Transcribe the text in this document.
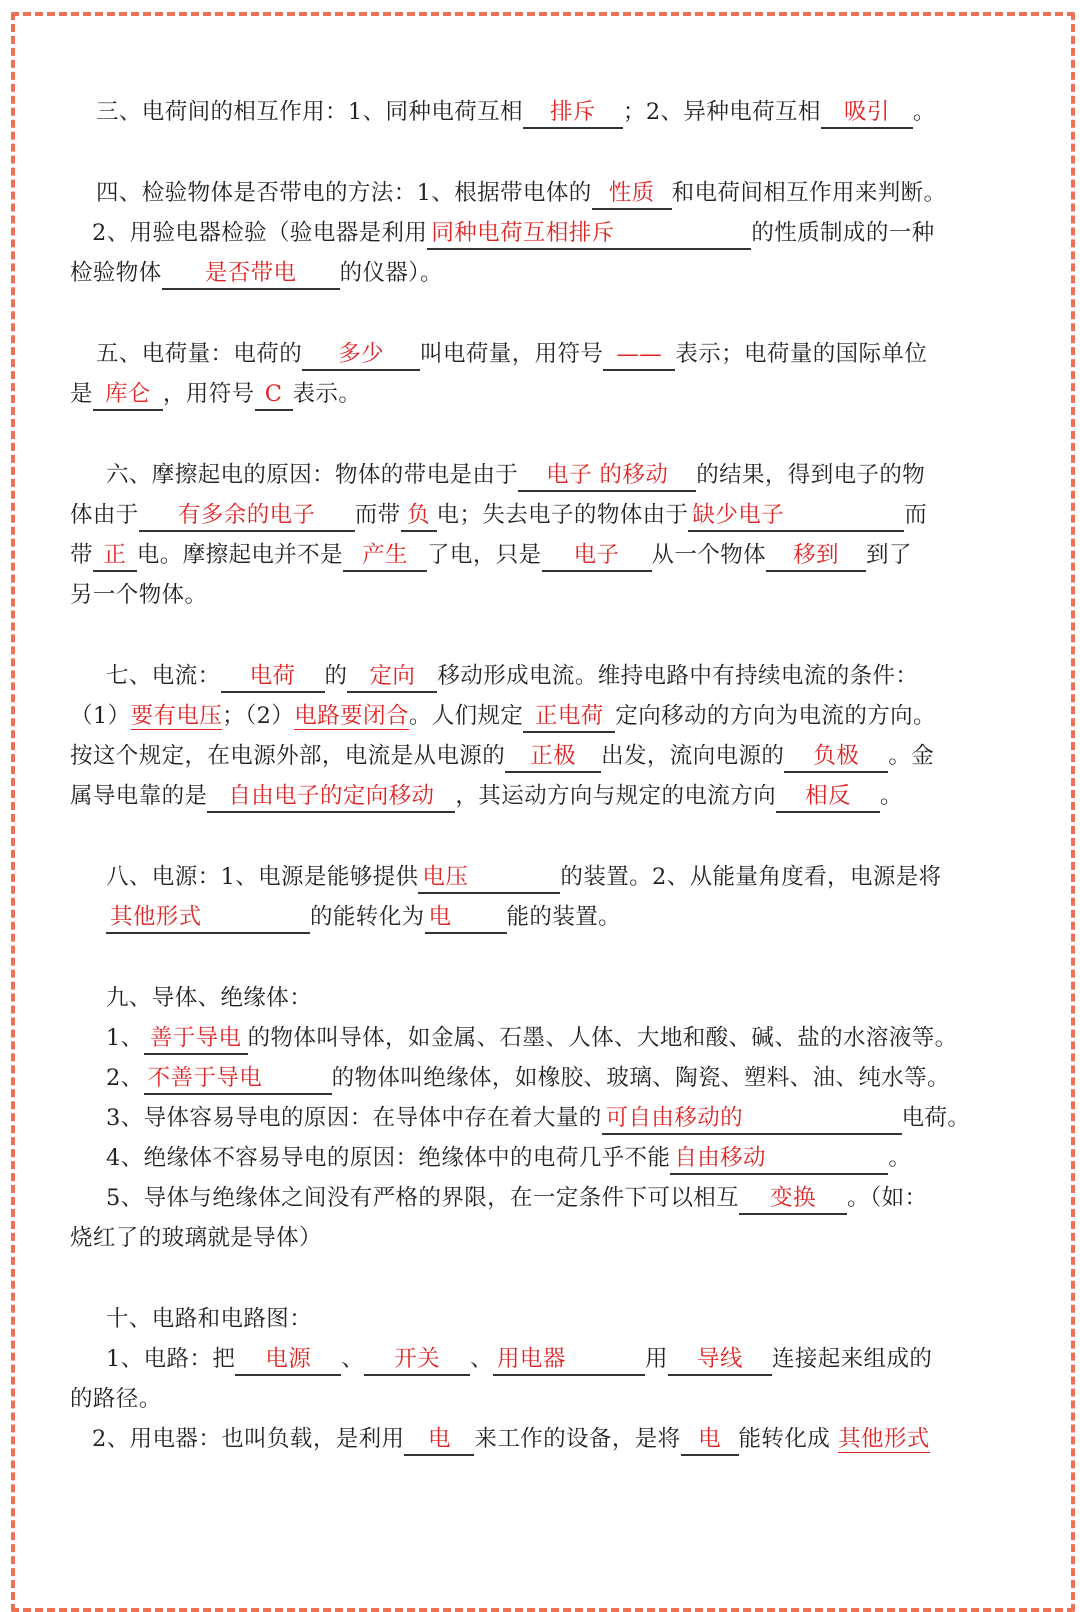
三、电荷间的相互作用：1、同种电荷互相 排斥 ；2、异种电荷互相 吸引 。
四、检验物体是否带电的方法：1、根据带电体的 性质 和电荷间相互作用来判断。
2、用验电器检验（验电器是利用 同种电荷互相排斥	的性质制成的一种
检验物体 是否带电 的仪器）。
五、电荷量：电荷的 多少 叫电荷量，用符号 —— 表示；电荷量的国际单位
是 库仑 ，用符号 C 表示。
六、摩擦起电的原因：物体的带电是由于 电子 的移动 的结果，得到电子的物
体由于 有多余的电子 而带 负 电；失去电子的物体由于 缺少电子	而
带 正 电。摩擦起电并不是 产生 了电，只是 电子 从一个物体 移到 到了
另一个物体。
七、电流： 电荷 的 定向 移动形成电流。维持电路中有持续电流的条件：
（1）要有电压；（2）电路要闭合。人们规定 正电荷 定向移动的方向为电流的方向。
按这个规定，在电源外部，电流是从电源的 正极 出发，流向电源的 负极 。金
属导电靠的是 自由电子的定向移动 ，其运动方向与规定的电流方向 相反 。
八、电源：1、电源是能够提供 电压	的装置。2、从能量角度看，电源是将
其他形式	的能转化为 电 能的装置。
九、导体、绝缘体：
1、 善于导电 的物体叫导体，如金属、石墨、人体、大地和酸、碱、盐的水溶液等。
2、 不善于导电	的物体叫绝缘体，如橡胶、玻璃、陶瓷、塑料、油、纯水等。
3、导体容易导电的原因：在导体中存在着大量的 可自由移动的	电荷。
4、绝缘体不容易导电的原因：绝缘体中的电荷几乎不能 自由移动	。
5、导体与绝缘体之间没有严格的界限，在一定条件下可以相互 变换 。（如：
烧红了的玻璃就是导体）
十、电路和电路图：
1、电路：把 电源 、 开关 、 用电器	用 导线 连接起来组成的
的路径。
2、用电器：也叫负载，是利用 电 来工作的设备，是将 电 能转化成 其他形式
